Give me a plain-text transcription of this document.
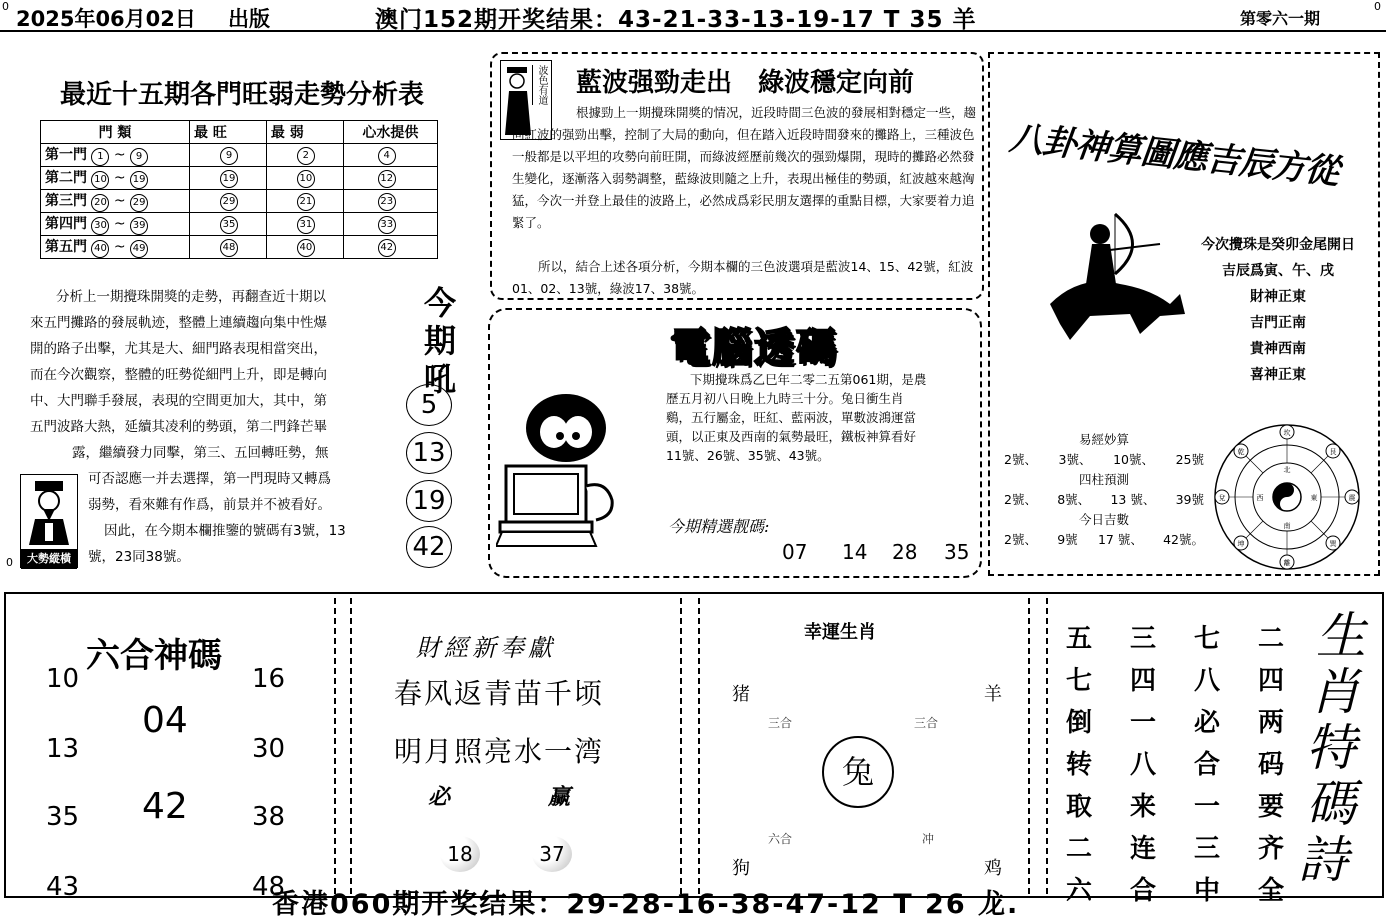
0
2025年06月02日 出版	澳门152期开奖结果：43-21-33-13-19-17 T 35 羊	第零六一期
0
最近十五期各門旺弱走勢分析表
門 類	最 旺	最 弱	心水提供
第一門 1 ~ 9	9	2	4
第二門 10 ~ 19	19	10	12
第三門 20 ~ 29	29	21	23
第四門 30 ~ 39	35	31	33
第五門 40 ~ 49	48	40	42
分析上一期攪珠開獎的走勢，再翻查近十期以
來五門攤路的發展軌迹，整體上連續趨向集中性爆
開的路子出擊，尤其是大、細門路表現相當突出，
而在今次觀察，整體的旺勢從細門上升，即是轉向
中、大門聯手發展，表現的空間更加大，其中，第
五門波路大熱，延續其凌利的勢頭，第二門鋒芒畢
露，繼續發力同擊，第三、五回轉旺勢，無
可否認應一并去選擇，第一門現時又轉爲
弱勢，看來難有作爲，前景并不被看好。
因此，在今期本欄推鑒的號碼有3號，13
號，23同38號。
0	大勢縱橫
今
期
吼
5
13
19
42
波色有道 藍波强勁走出　綠波穩定向前
根據勁上一期攪珠開獎的情况，近段時間三色波的發展相對穩定一些，趨向紅波的强勁出擊，控制了大局的動向，但在踏入近段時間發來的攤路上，三種波色一般都是以平坦的攻勢向前旺開，而綠波經歷前幾次的强勁爆開，現時的攤路必然發生變化，逐漸落入弱勢調整，藍綠波則隨之上升，表現出極佳的勢頭，紅波越來越洶猛，今次一并登上最佳的波路上，必然成爲彩民朋友選擇的重點目標，大家要着力追緊了。
所以，結合上述各項分析，今期本欄的三色波選項是藍波14、15、42號，紅波01、02、13號，綠波17、38號。
電腦透碼
下期攪珠爲乙巳年二零二五第061期，是農歷五月初八日晚上九時三十分。兔日衝生肖鷄，五行屬金，旺紅、藍兩波，單數波鴻運當頭，以正東及西南的氣勢最旺，鐵板神算看好11號、26號、35號、43號。
今期精選靓碼:
07 14 28 35
八卦神算圖應吉辰方從
今次攪珠是癸卯金尾開日
吉辰爲寅、午、戌
財神正東
吉門正南
貴神西南
喜神正東
易經妙算
2號、 3號、 10號、 25號
四柱預測
2號、 8號、 13 號、 39號
今日吉數
2號、 9號 17 號、 42號。
坎
艮
震
巽
離
坤
兌
乾
北
東
南
西
六合神碼
10
13
35
43
16
30
38
48
04
42
財經新奉獻
春风返青苗千顷
明月照亮水一湾
必	赢
18	37
幸運生肖
猪	羊
狗	鸡
三合	三合
六合	冲
兔
五七倒转取二六
三四一八来连合
七八必合一三中
二四两码要齐全
生
肖
特
碼
詩
香港060期开奖结果：29-28-16-38-47-12 T 26 龙.
